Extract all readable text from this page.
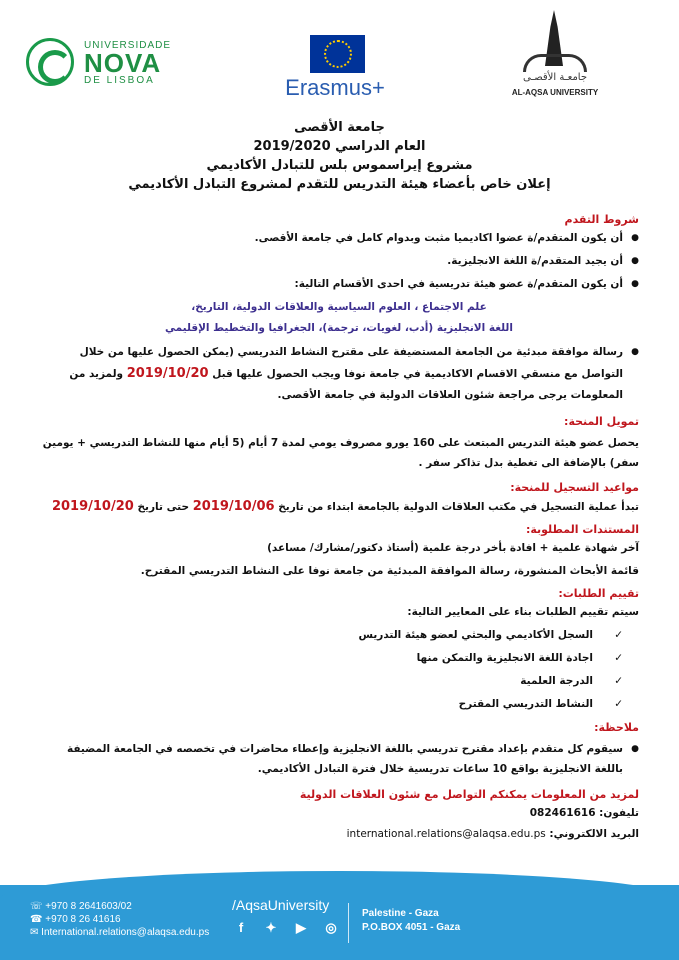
UNIVERSIDADE
NOVA
DE LISBOA	Erasmus+	جامعـة الأقصـى
AL-AQSA UNIVERSITY
جامعة الأقصى
العام الدراسي 2019/2020
مشروع إيراسموس بلس للتبادل الأكاديمي
إعلان خاص بأعضاء هيئة التدريس للتقدم لمشروع التبادل الأكاديمي
شروط التقدم
● أن يكون المتقدم/ة عضوا اكاديميا مثبت وبدوام كامل في جامعة الأقصى.
● أن يجيد المتقدم/ة اللغة الانجليزية.
● أن يكون المتقدم/ة عضو هيئة تدريسية في احدى الأقسام التالية:
علم الاجتماع ، العلوم السياسية والعلاقات الدولية، التاريخ،
اللغة الانجليزية (أدب، لغويات، ترجمة)، الجغرافيا والتخطيط الإقليمي
● رسالة موافقة مبدئية من الجامعة المستضيفة على مقترح النشاط التدريسي (يمكن الحصول عليها من خلال التواصل مع منسقي الاقسام الاكاديمية في جامعة نوفا ويجب الحصول عليها قبل 2019/10/20 ولمزيد من المعلومات يرجى مراجعة شئون العلاقات الدولية في جامعة الأقصى.
تمويل المنحة:
يحصل عضو هيئة التدريس المبتعث على 160 يورو مصروف يومي لمدة 7 أيام (5 أيام منها للنشاط التدريسي + يومين سفر) بالإضافة الى تغطية بدل تذاكر سفر .
مواعيد التسجيل للمنحة:
تبدأ عملية التسجيل في مكتب العلاقات الدولية بالجامعة ابتداء من تاريخ 2019/10/06 حتى تاريخ 2019/10/20
المستندات المطلوبة:
آخر شهادة علمية + افادة بأخر درجة علمية (أستاذ دكتور/مشارك/ مساعد)
قائمة الأبحاث المنشورة، رسالة الموافقة المبدئية من جامعة نوفا على النشاط التدريسي المقترح.
تقييم الطلبات:
سيتم تقييم الطلبات بناء على المعايير التالية:
✓ السجل الأكاديمي والبحثي لعضو هيئة التدريس
✓ اجادة اللغة الانجليزية والتمكن منها
✓ الدرجة العلمية
✓ النشاط التدريسي المقترح
ملاحظة:
● سيقوم كل متقدم بإعداد مقترح تدريسي باللغة الانجليزية وإعطاء محاضرات في تخصصه في الجامعة المضيفة باللغة الانجليزية بواقع 10 ساعات تدريسية خلال فترة التبادل الأكاديمي.
لمزيد من المعلومات يمكنكم التواصل مع شئون العلاقات الدولية
تليفون: 082461616
البريد الالكتروني: international.relations@alaqsa.edu.ps
☏ +970 8 2641603/02
☎ +970 8 26 41616
✉ International.relations@alaqsa.edu.ps
/AqsaUniversity
f	✦	▶	◎
Palestine - Gaza
P.O.BOX 4051 - Gaza
